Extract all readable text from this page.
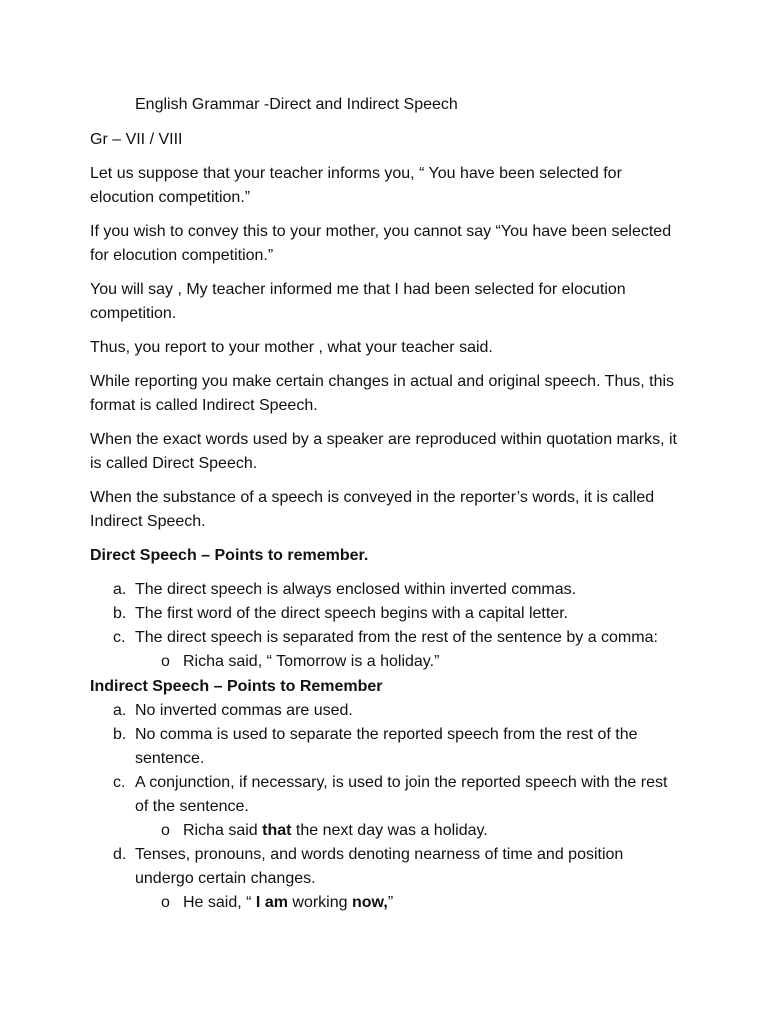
English Grammar -Direct and Indirect Speech

Gr – VII / VIII

Let us suppose that your teacher informs you, “ You have been selected for elocution competition.”

If you wish to convey this to your mother, you cannot say “You have been selected for elocution competition.”

You will say , My teacher informed me that I had been selected for elocution competition.

Thus, you report to your mother , what your teacher said.

While reporting you make certain changes in actual and original speech. Thus, this format is called Indirect Speech.

When the exact words used by a speaker are reproduced within quotation marks, it is called Direct Speech.

When the substance of a speech is conveyed in the reporter’s words, it is called Indirect Speech.

Direct Speech – Points to remember.

a. The direct speech is always enclosed within inverted commas.
b. The first word of the direct speech begins with a capital letter.
c. The direct speech is separated from the rest of the sentence by a comma:
o Richa said, “ Tomorrow is a holiday.”

Indirect Speech – Points to Remember

a. No inverted commas are used.
b. No comma is used to separate the reported speech from the rest of the sentence.
c. A conjunction, if necessary, is used to join the reported speech with the rest of the sentence.
o Richa said that the next day was a holiday.
d. Tenses, pronouns, and words denoting nearness of time and position undergo certain changes.
o He said, “ I am working now,”
